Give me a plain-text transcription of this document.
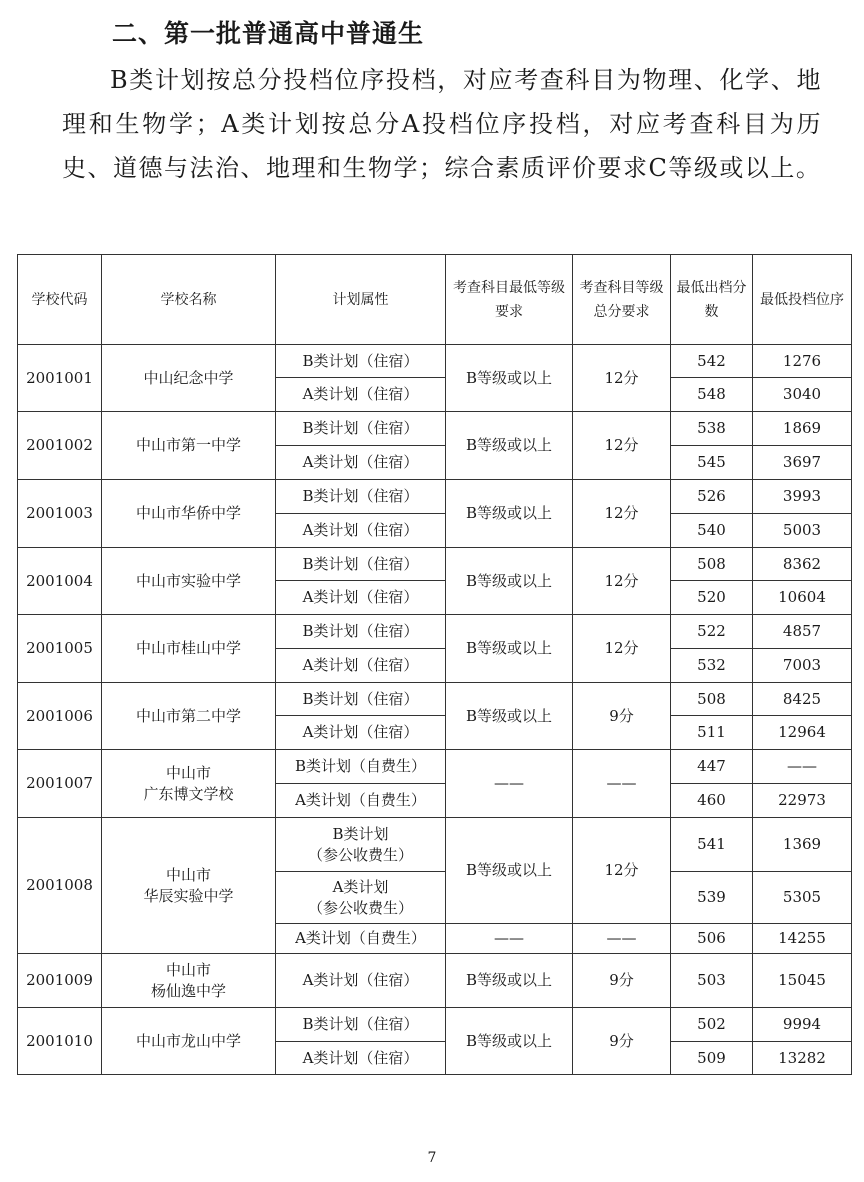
二、第一批普通高中普通生

B类计划按总分投档位序投档，对应考查科目为物理、化学、地理和生物学；A类计划按总分A投档位序投档，对应考查科目为历史、道德与法治、地理和生物学；综合素质评价要求C等级或以上。

学校代码	学校名称	计划属性	考查科目最低等级要求	考查科目等级总分要求	最低出档分数	最低投档位序
2001001	中山纪念中学	B类计划（住宿）	B等级或以上	12分	542	1276
		A类计划（住宿）			548	3040
2001002	中山市第一中学	B类计划（住宿）	B等级或以上	12分	538	1869
		A类计划（住宿）			545	3697
2001003	中山市华侨中学	B类计划（住宿）	B等级或以上	12分	526	3993
		A类计划（住宿）			540	5003
2001004	中山市实验中学	B类计划（住宿）	B等级或以上	12分	508	8362
		A类计划（住宿）			520	10604
2001005	中山市桂山中学	B类计划（住宿）	B等级或以上	12分	522	4857
		A类计划（住宿）			532	7003
2001006	中山市第二中学	B类计划（住宿）	B等级或以上	9分	508	8425
		A类计划（住宿）			511	12964
2001007	中山市
广东博文学校	B类计划（自费生）	——	——	447	——
		A类计划（自费生）			460	22973
2001008	中山市
华辰实验中学	B类计划
（参公收费生）	B等级或以上	12分	541	1369
		A类计划
（参公收费生）			539	5305
		A类计划（自费生）	——	——	506	14255
2001009	中山市
杨仙逸中学	A类计划（住宿）	B等级或以上	9分	503	15045
2001010	中山市龙山中学	B类计划（住宿）	B等级或以上	9分	502	9994
		A类计划（住宿）			509	13282

7
